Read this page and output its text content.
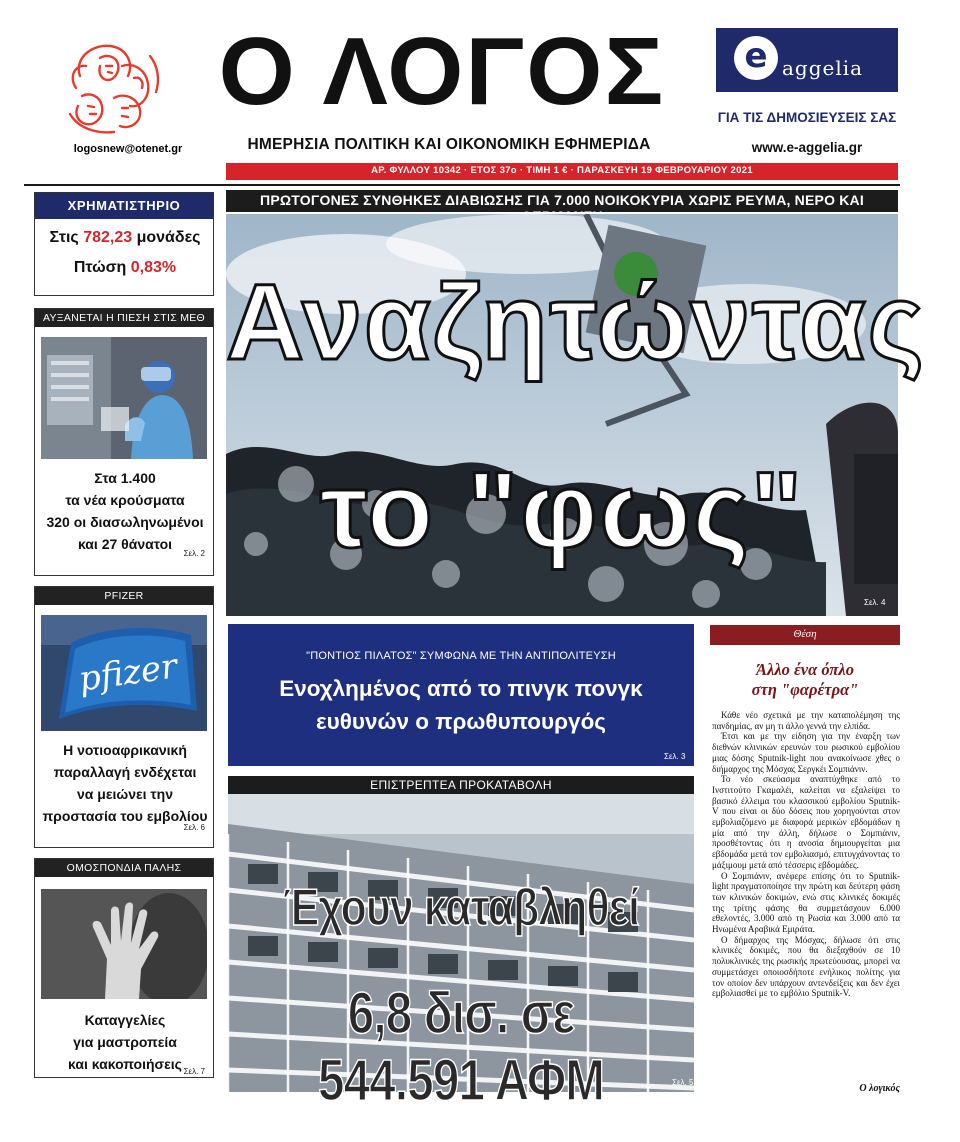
logosnew@otenet.gr
Ο ΛΟΓΟΣ
ΗΜΕΡΗΣΙΑ ΠΟΛΙΤΙΚΗ ΚΑΙ ΟΙΚΟΝΟΜΙΚΗ ΕΦΗΜΕΡΙΔΑ
e aggelia
ΓΙΑ ΤΙΣ ΔΗΜΟΣΙΕΥΣΕΙΣ ΣΑΣ
www.e-aggelia.gr
ΑΡ. ΦΥΛΛΟΥ 10342 · ΕΤΟΣ 37ο · ΤΙΜΗ 1 € · ΠΑΡΑΣΚΕΥΗ 19 ΦΕΒΡΟΥΑΡΙΟΥ 2021
ΧΡΗΜΑΤΙΣΤΗΡΙΟ
Στις 782,23 μονάδες
Πτώση 0,83%
ΑΥΞΑΝΕΤΑΙ Η ΠΙΕΣΗ ΣΤΙΣ ΜΕΘ
Στα 1.400
τα νέα κρούσματα
320 οι διασωληνωμένοι
και 27 θάνατοι
Σελ. 2
PFIZER
pfizer
Η νοτιοαφρικανική
παραλλαγή ενδέχεται
να μειώνει την
προστασία του εμβολίου
Σελ. 6
ΟΜΟΣΠΟΝΔΙΑ ΠΑΛΗΣ
Καταγγελίες
για μαστροπεία
και κακοποιήσεις Σελ. 7
ΠΡΩΤΟΓΟΝΕΣ ΣΥΝΘΗΚΕΣ ΔΙΑΒΙΩΣΗΣ ΓΙΑ 7.000 ΝΟΙΚΟΚΥΡΙΑ ΧΩΡΙΣ ΡΕΥΜΑ, ΝΕΡΟ ΚΑΙ
Αναζητώντας
το "φως"
Σελ. 4
"ΠΟΝΤΙΟΣ ΠΙΛΑΤΟΣ" ΣΥΜΦΩΝΑ ΜΕ ΤΗΝ ΑΝΤΙΠΟΛΙΤΕΥΣΗ
Ενοχλημένος από το πινγκ πονγκ
ευθυνών ο πρωθυπουργός
Σελ. 3
ΕΠΙΣΤΡΕΠΤΕΑ ΠΡΟΚΑΤΑΒΟΛΗ
Έχουν καταβληθεί
6,8 δισ. σε 544.591 ΑΦΜ	Σελ. 5
Θέση
Άλλο ένα όπλο
στη "φαρέτρα"

Κάθε νέο σχετικά με την καταπολέμηση της πανδημίας, αν μη τι άλλο γεννά την ελπίδα.

Έτσι και με την είδηση για την έναρξη των διεθνών κλινικών ερευνών του ρωσικού εμβολίου μιας δόσης Sputnik-light που ανακοίνωσε χθες ο διήμαρχος της Μόσχας Σεργκέι Σομπιάνιν.

Το νέο σκεύασμα αναπτύχθηκε από το Ινστιτούτο Γκαμαλέι, καλείται να εξαλείψει το βασικό έλλειμα του κλασσικού εμβολίου Sputnik-V που είναι οι δύο δόσεις που χορηγούνται στον εμβολιαζόμενο με διαφορά μερικών εβδομάδων η μία από την άλλη, δήλωσε ο Σομπιάνιν, προσθέτοντας ότι η ανοσία δημιουργείται μια εβδομάδα μετά τον εμβολιασμό, επιτυγχάνοντας το μάξιμουμ μετά από τέσσερις εβδομάδες.

Ο Σομπιάνιν, ανέφερε επίσης ότι το Sputnik-light πραγματοποίησε την πρώτη και δεύτερη φάση των κλινικών δοκιμών, ενώ στις κλινικές δοκιμές της τρίτης φάσης θα συμμετάσχουν 6.000 εθελοντές, 3.000 από τη Ρωσία και 3.000 από τα Ηνωμένα Αραβικά Εμιράτα.

Ο δήμαρχος της Μόσχας, δήλωσε ότι στις κλινικές δοκιμές, που θα διεξαχθούν σε 10 πολυκλινικές της ρωσικής πρωτεύουσας, μπορεί να συμμετάσχει οποιοσδήποτε ενήλικος πολίτης για τον οποίον δεν υπάρχουν αντενδείξεις και δεν έχει εμβολιασθεί με το εμβόλιο Sputnik-V.

Ο λογικός
